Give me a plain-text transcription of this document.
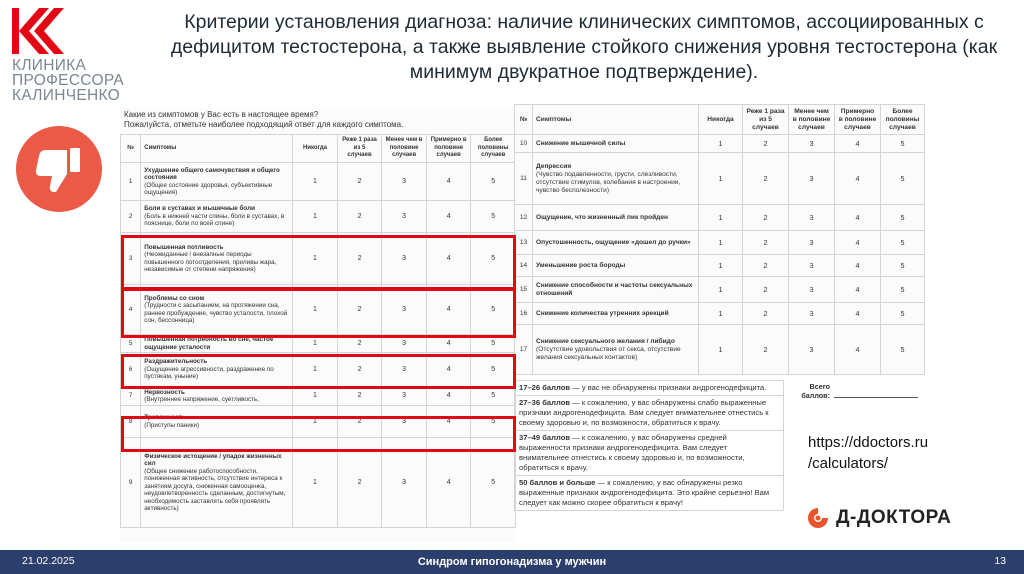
КЛИНИКА
ПРОФЕССОРА
КАЛИНЧЕНКО
Критерии установления диагноза: наличие клинических симптомов, ассоциированных с дефицитом тестостерона, а также выявление стойкого снижения уровня тестостерона (как минимум двукратное подтверждение).
Какие из симптомов у Вас есть в настоящее время?
Пожалуйста, отметьте наиболее подходящий ответ для каждого симптома.
№	Симптомы	Никогда	Реже 1 раза из 5 случаев	Менее чем в половине случаев	Примерно в половине случаев	Более половины случаев
1	Ухудшение общего самочувствия и общего состояния
(Общее состояние здоровья, субъективные ощущения)	1	2	3	4	5
2	Боли в суставах и мышечные боли
(Боль в нижней части спины, боли в суставах, в пояснице, боли по всей спине)	1	2	3	4	5
3	Повышенная потливость
(Неожиданные / внезапные периоды повышенного потоотделения, приливы жара, независимые от степени напряжения)	1	2	3	4	5
4	Проблемы со сном
(Трудности с засыпанием, на протяжении сна, раннее пробуждение, чувство усталости, плохой сон, бессонница)	1	2	3	4	5
5	Повышенная потребность во сне, частое ощущение усталости	1	2	3	4	5
6	Раздражительность
(Ощущение агрессивности, раздражение по пустякам, уныние)	1	2	3	4	5
7	Нервозность
(Внутреннее напряжение, суетливость,	1	2	3	4	5
8	Тревожность
(Приступы паники)	1	2	3	4	5
9	Физическое истощение / упадок жизненных сил
(Общее снижение работоспособности, пониженная активность, отсутствие интереса к занятиям досуга, сниженная самооценка, неудовлетворенность сделанным, достигнутым, необходимость заставлять себя проявлять активность)	1	2	3	4	5
№	Симптомы	Никогда	Реже 1 раза из 5 случаев	Менее чем в половине случаев	Примерно в половине случаев	Более половины случаев
10	Снижение мышечной силы	1	2	3	4	5
11	Депрессия
(Чувство подавленности, грусти, слезливости, отсутствие стимулов, колебания в настроении, чувство бесполезности)	1	2	3	4	5
12	Ощущение, что жизненный пик пройден	1	2	3	4	5
13	Опустошенность, ощущение «дошел до ручки»	1	2	3	4	5
14	Уменьшение роста бороды	1	2	3	4	5
15	Снижение способности и частоты сексуальных отношений	1	2	3	4	5
16	Снижение количества утренних эрекций	1	2	3	4	5
17	Снижение сексуального желания / либидо
(Отсутствие удовольствия от секса, отсутствие желания сексуальных контактов)	1	2	3	4	5
17–26 баллов — у вас не обнаружены признаки андрогенодефицита.
27–36 баллов — к сожалению, у вас обнаружены слабо выраженные признаки андрогенодефицита. Вам следует внимательнее отнестись к своему здоровью и, по возможности, обратиться к врачу.
37–49 баллов — к сожалению, у вас обнаружены средней выраженности признаки андрогенодефицита. Вам следует внимательнее отнестись к своему здоровью и, по возможности, обратиться к врачу.
50 баллов и больше — к сожалению, у вас обнаружены резко выраженные признаки андрогенодефицита. Это крайне серьезно! Вам следует как можно скорее обратиться к врачу!
Всего баллов:
https://ddoctors.ru
/calculators/
Д-ДОКТОРА
21.02.2025	Синдром гипогонадизма у мужчин	13
